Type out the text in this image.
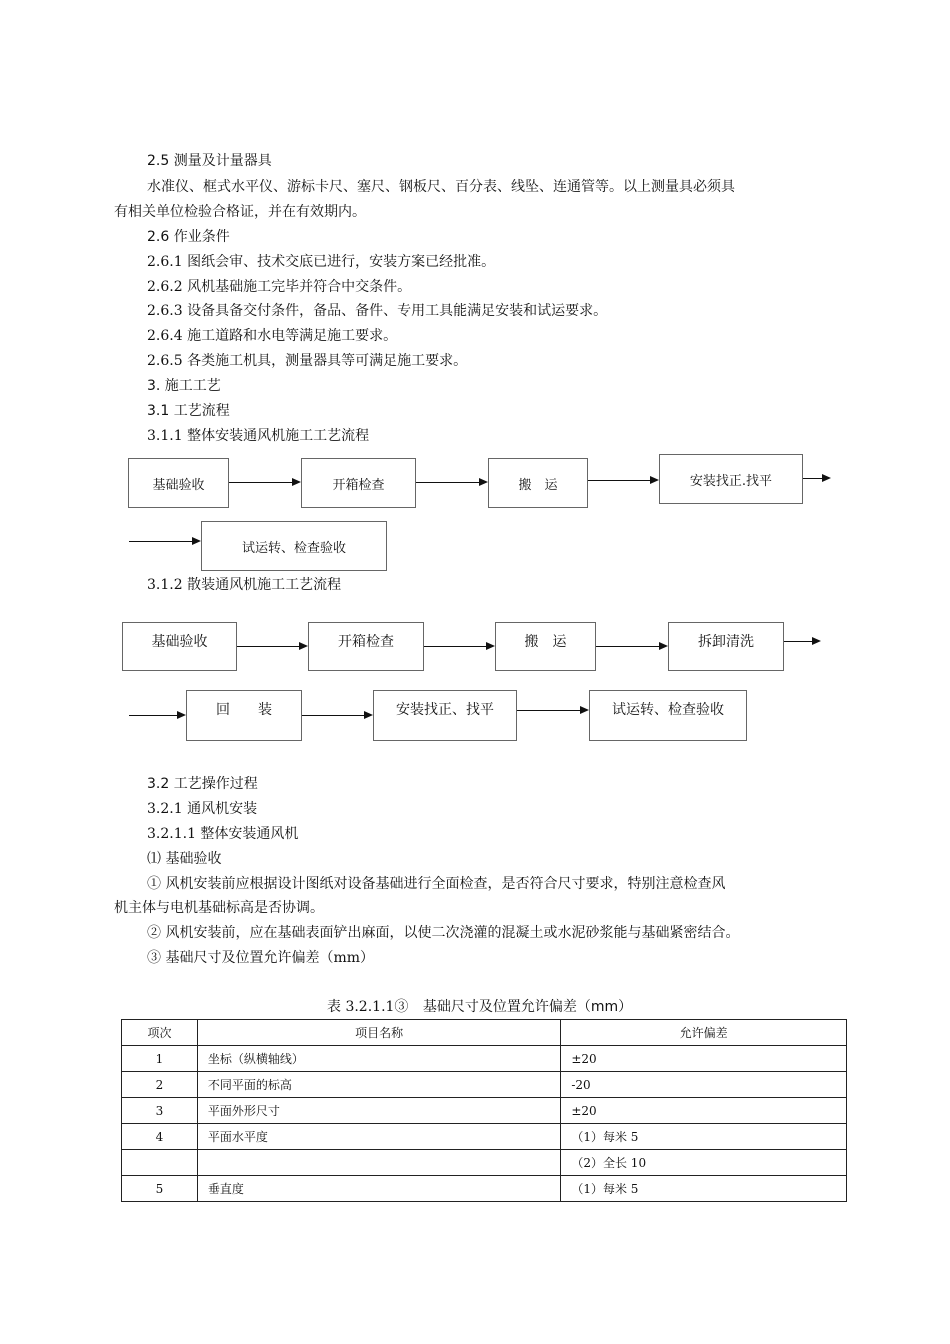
2.5 测量及计量器具
水准仪、框式水平仪、游标卡尺、塞尺、钢板尺、百分表、线坠、连通管等。以上测量具必须具
有相关单位检验合格证，并在有效期内。
2.6 作业条件
2.6.1 图纸会审、技术交底已进行，安装方案已经批准。
2.6.2 风机基础施工完毕并符合中交条件。
2.6.3 设备具备交付条件，备品、备件、专用工具能满足安装和试运要求。
2.6.4 施工道路和水电等满足施工要求。
2.6.5 各类施工机具，测量器具等可满足施工要求。
3. 施工工艺
3.1 工艺流程
3.1.1 整体安装通风机施工工艺流程
基础验收	开箱检查	搬　运	安装找正.找平
试运转、检查验收
3.1.2 散装通风机施工工艺流程
基础验收	开箱检查	搬　运	拆卸清洗
回　　装	安装找正、找平	试运转、检查验收
3.2 工艺操作过程
3.2.1 通风机安装
3.2.1.1 整体安装通风机
⑴ 基础验收
① 风机安装前应根据设计图纸对设备基础进行全面检查，是否符合尺寸要求，特别注意检查风
机主体与电机基础标高是否协调。
② 风机安装前，应在基础表面铲出麻面，以使二次浇灌的混凝土或水泥砂浆能与基础紧密结合。
③ 基础尺寸及位置允许偏差（mm）
表 3.2.1.1③ 基础尺寸及位置允许偏差（mm）
项次	项目名称	允许偏差
1	坐标（纵横轴线）	±20
2	不同平面的标高	-20
3	平面外形尺寸	±20
4	平面水平度	（1）每米 5
		（2）全长 10
5	垂直度	（1）每米 5
